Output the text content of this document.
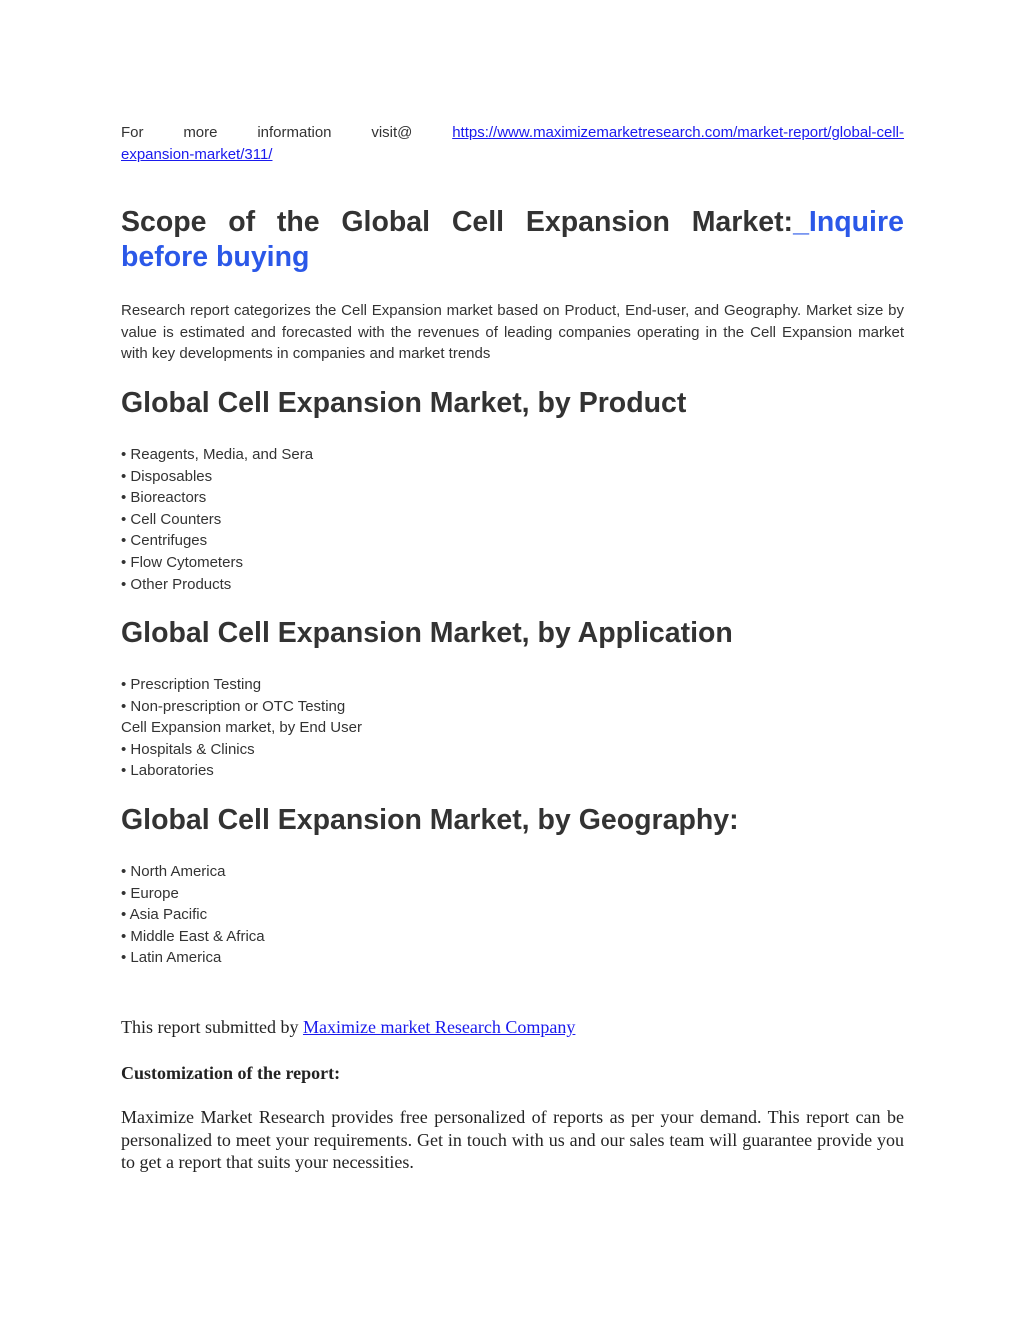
For	more	information	visit@	https://www.maximizemarketresearch.com/market-report/global-cell-
expansion-market/311/
Scope of the Global Cell Expansion Market:_Inquire
before buying
Research report categorizes the Cell Expansion market based on Product, End-user, and Geography. Market size by value is estimated and forecasted with the revenues of leading companies operating in the Cell Expansion market with key developments in companies and market trends
Global Cell Expansion Market, by Product
• Reagents, Media, and Sera
• Disposables
• Bioreactors
• Cell Counters
• Centrifuges
• Flow Cytometers
• Other Products
Global Cell Expansion Market, by Application
• Prescription Testing
• Non-prescription or OTC Testing
Cell Expansion market, by End User
• Hospitals & Clinics
• Laboratories
Global Cell Expansion Market, by Geography:
• North America
• Europe
• Asia Pacific
• Middle East & Africa
• Latin America
This report submitted by Maximize market Research Company
Customization of the report:
Maximize Market Research provides free personalized of reports as per your demand. This report can be personalized to meet your requirements. Get in touch with us and our sales team will guarantee provide you to get a report that suits your necessities.
